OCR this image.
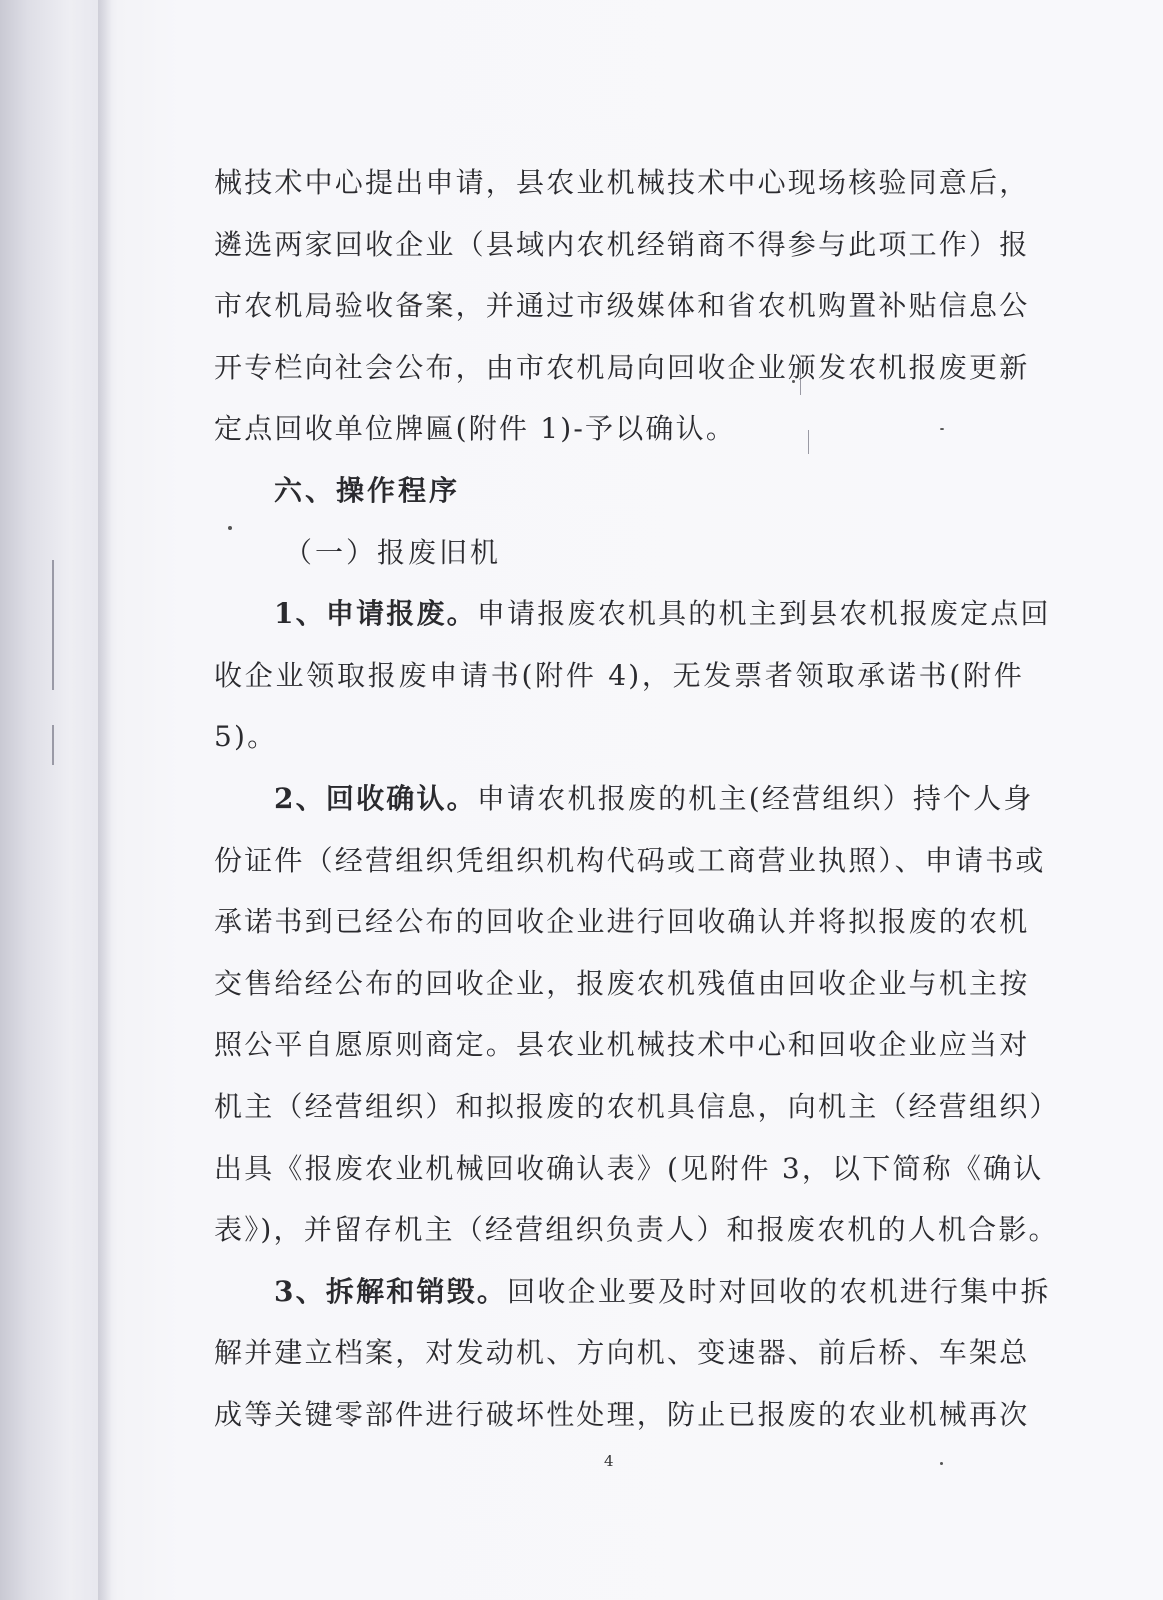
械技术中心提出申请，县农业机械技术中心现场核验同意后，
遴选两家回收企业（县域内农机经销商不得参与此项工作）报
市农机局验收备案，并通过市级媒体和省农机购置补贴信息公
开专栏向社会公布，由市农机局向回收企业颁发农机报废更新
定点回收单位牌匾(附件 1)-予以确认。
六、操作程序
（一）报废旧机
1、申请报废。申请报废农机具的机主到县农机报废定点回
收企业领取报废申请书(附件 4)，无发票者领取承诺书(附件
5)。
2、回收确认。申请农机报废的机主(经营组织）持个人身
份证件（经营组织凭组织机构代码或工商营业执照）、申请书或
承诺书到已经公布的回收企业进行回收确认并将拟报废的农机
交售给经公布的回收企业，报废农机残值由回收企业与机主按
照公平自愿原则商定。县农业机械技术中心和回收企业应当对
机主（经营组织）和拟报废的农机具信息，向机主（经营组织）
出具《报废农业机械回收确认表》(见附件 3，以下简称《确认
表》)，并留存机主（经营组织负责人）和报废农机的人机合影。
3、拆解和销毁。回收企业要及时对回收的农机进行集中拆
解并建立档案，对发动机、方向机、变速器、前后桥、车架总
成等关键零部件进行破坏性处理，防止已报废的农业机械再次
4
